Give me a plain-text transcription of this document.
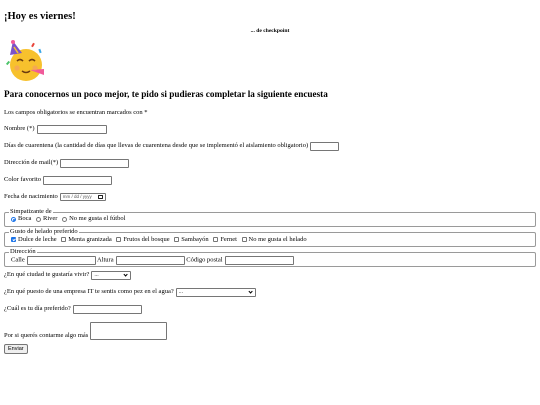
¡Hoy es viernes!
... de checkpoint
Para conocernos un poco mejor, te pido si pudieras completar la siguiente encuesta
Los campos obligatorios se encuentran marcados con *
Nombre (*)
Días de cuarentena (la cantidad de días que llevas de cuarentena desde que se implementó el aislamiento obligatorio)
Dirección de mail(*)
Color favorito
Fecha de nacimiento mm / dd / yyyy
Simpatizante de
Boca
River
No me gusta el fútbol
Gusto de helado preferido
Dulce de leche
Menta granizada
Frutos del bosque
Sambayón
Fernet
No me gusta el helado
Dirección
Calle	Altura	Código postal
¿En qué ciudad te gustaría vivir? ...
¿En qué puesto de una empresa IT te sentis como pez en el agua? ...
¿Cuál es tu día preferido?
Por si querés contarme algo más
Enviar
